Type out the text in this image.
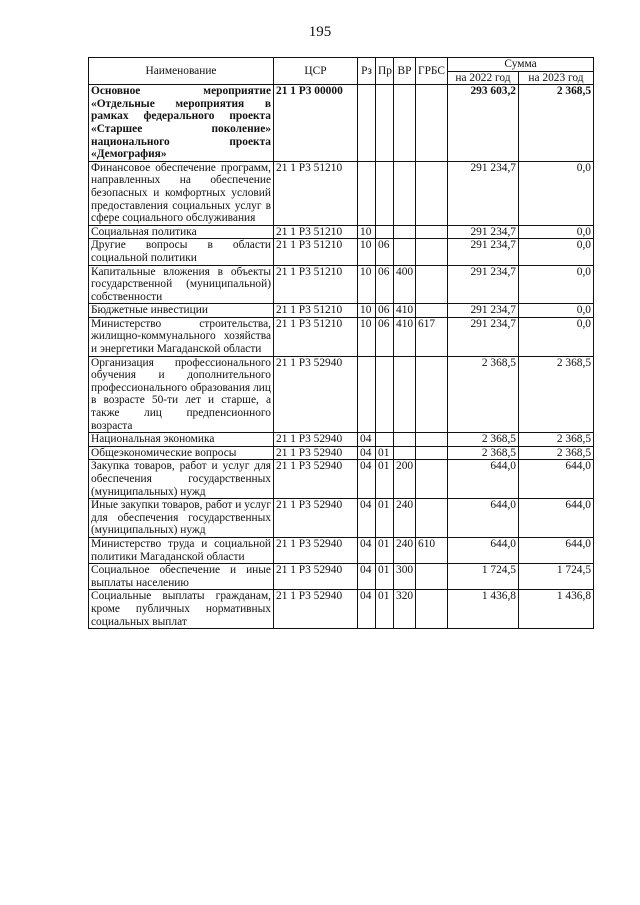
195
Наименование	ЦСР	Рз	Пр	ВР	ГРБС	Сумма	
						на 2022 год	на 2023 год
Основное мероприятие «Отдельные мероприятия в рамках федерального проекта «Старшее поколение» национального проекта «Демография»	21 1 Р3 00000					293 603,2	2 368,5
Финансовое обеспечение программ, направленных на обеспечение безопасных и комфортных условий предоставления социальных услуг в сфере социального обслуживания	21 1 Р3 51210					291 234,7	0,0
Социальная политика	21 1 Р3 51210	10				291 234,7	0,0
Другие вопросы в области социальной политики	21 1 Р3 51210	10	06			291 234,7	0,0
Капитальные вложения в объекты государственной (муниципальной) собственности	21 1 Р3 51210	10	06	400		291 234,7	0,0
Бюджетные инвестиции	21 1 Р3 51210	10	06	410		291 234,7	0,0
Министерство строительства, жилищно-коммунального хозяйства и энергетики Магаданской области	21 1 Р3 51210	10	06	410	617	291 234,7	0,0
Организация профессионального обучения и дополнительного профессионального образования лиц в возрасте 50-ти лет и старше, а также лиц предпенсионного возраста	21 1 Р3 52940					2 368,5	2 368,5
Национальная экономика	21 1 Р3 52940	04				2 368,5	2 368,5
Общеэкономические вопросы	21 1 Р3 52940	04	01			2 368,5	2 368,5
Закупка товаров, работ и услуг для обеспечения государственных (муниципальных) нужд	21 1 Р3 52940	04	01	200		644,0	644,0
Иные закупки товаров, работ и услуг для обеспечения государственных (муниципальных) нужд	21 1 Р3 52940	04	01	240		644,0	644,0
Министерство труда и социальной политики Магаданской области	21 1 Р3 52940	04	01	240	610	644,0	644,0
Социальное обеспечение и иные выплаты населению	21 1 Р3 52940	04	01	300		1 724,5	1 724,5
Социальные выплаты гражданам, кроме публичных нормативных социальных выплат	21 1 Р3 52940	04	01	320		1 436,8	1 436,8
